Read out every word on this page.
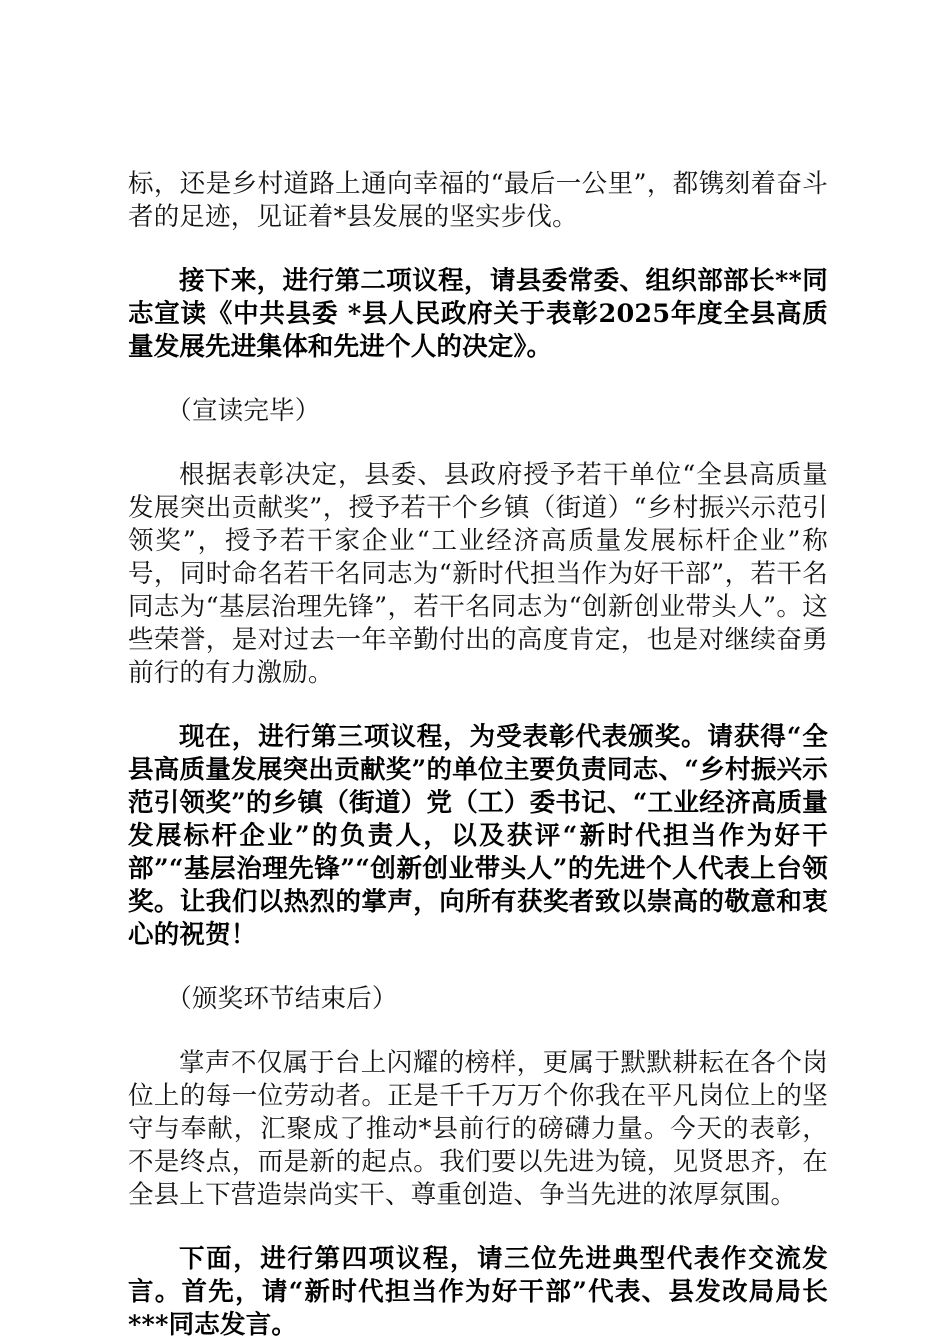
标，还是乡村道路上通向幸福的“最后一公里”，都镌刻着奋斗者的足迹，见证着*县发展的坚实步伐。

接下来，进行第二项议程，请县委常委、组织部部长**同志宣读《中共县委 *县人民政府关于表彰2025年度全县高质量发展先进集体和先进个人的决定》。

（宣读完毕）

根据表彰决定，县委、县政府授予若干单位“全县高质量发展突出贡献奖”，授予若干个乡镇（街道）“乡村振兴示范引领奖”，授予若干家企业“工业经济高质量发展标杆企业”称号，同时命名若干名同志为“新时代担当作为好干部”，若干名同志为“基层治理先锋”，若干名同志为“创新创业带头人”。这些荣誉，是对过去一年辛勤付出的高度肯定，也是对继续奋勇前行的有力激励。

现在，进行第三项议程，为受表彰代表颁奖。请获得“全县高质量发展突出贡献奖”的单位主要负责同志、“乡村振兴示范引领奖”的乡镇（街道）党（工）委书记、“工业经济高质量发展标杆企业”的负责人，以及获评“新时代担当作为好干部”“基层治理先锋”“创新创业带头人”的先进个人代表上台领奖。让我们以热烈的掌声，向所有获奖者致以崇高的敬意和衷心的祝贺！

（颁奖环节结束后）

掌声不仅属于台上闪耀的榜样，更属于默默耕耘在各个岗位上的每一位劳动者。正是千千万万个你我在平凡岗位上的坚守与奉献，汇聚成了推动*县前行的磅礴力量。今天的表彰，不是终点，而是新的起点。我们要以先进为镜，见贤思齐，在全县上下营造崇尚实干、尊重创造、争当先进的浓厚氛围。

下面，进行第四项议程，请三位先进典型代表作交流发言。首先，请“新时代担当作为好干部”代表、县发改局局长***同志发言。
